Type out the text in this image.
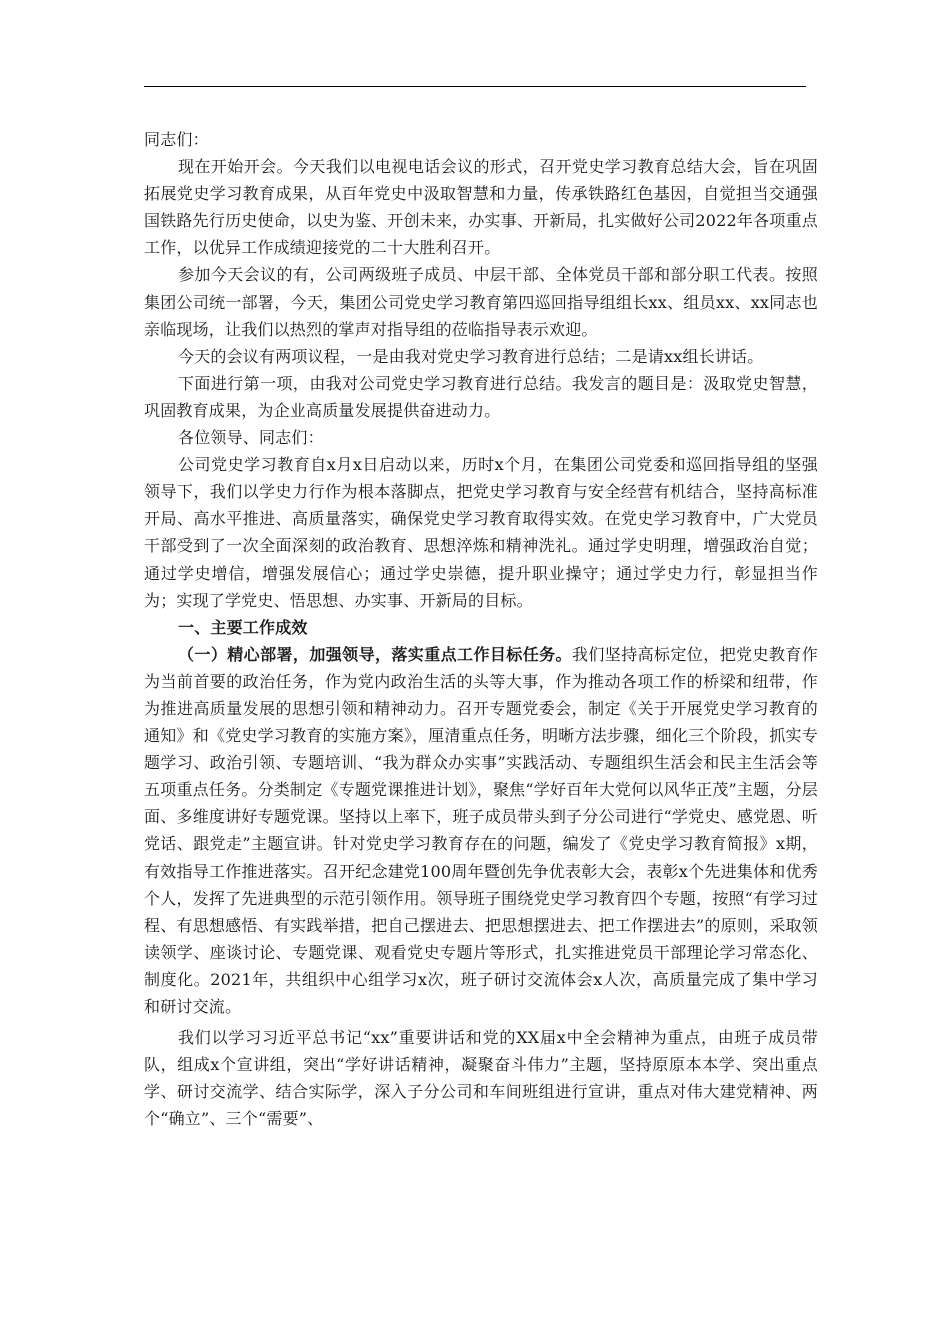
同志们：

现在开始开会。今天我们以电视电话会议的形式，召开党史学习教育总结大会，旨在巩固拓展党史学习教育成果，从百年党史中汲取智慧和力量，传承铁路红色基因，自觉担当交通强国铁路先行历史使命，以史为鉴、开创未来，办实事、开新局，扎实做好公司2022年各项重点工作，以优异工作成绩迎接党的二十大胜利召开。

参加今天会议的有，公司两级班子成员、中层干部、全体党员干部和部分职工代表。按照集团公司统一部署，今天，集团公司党史学习教育第四巡回指导组组长xx、组员xx、xx同志也亲临现场，让我们以热烈的掌声对指导组的莅临指导表示欢迎。

今天的会议有两项议程，一是由我对党史学习教育进行总结；二是请xx组长讲话。

下面进行第一项，由我对公司党史学习教育进行总结。我发言的题目是：汲取党史智慧，巩固教育成果，为企业高质量发展提供奋进动力。

各位领导、同志们：

公司党史学习教育自x月x日启动以来，历时x个月，在集团公司党委和巡回指导组的坚强领导下，我们以学史力行作为根本落脚点，把党史学习教育与安全经营有机结合，坚持高标准开局、高水平推进、高质量落实，确保党史学习教育取得实效。在党史学习教育中，广大党员干部受到了一次全面深刻的政治教育、思想淬炼和精神洗礼。通过学史明理，增强政治自觉；通过学史增信，增强发展信心；通过学史崇德，提升职业操守；通过学史力行，彰显担当作为；实现了学党史、悟思想、办实事、开新局的目标。

一、主要工作成效

（一）精心部署，加强领导，落实重点工作目标任务。我们坚持高标定位，把党史教育作为当前首要的政治任务，作为党内政治生活的头等大事，作为推动各项工作的桥梁和纽带，作为推进高质量发展的思想引领和精神动力。召开专题党委会，制定《关于开展党史学习教育的通知》和《党史学习教育的实施方案》，厘清重点任务，明晰方法步骤，细化三个阶段，抓实专题学习、政治引领、专题培训、“我为群众办实事”实践活动、专题组织生活会和民主生活会等五项重点任务。分类制定《专题党课推进计划》，聚焦“学好百年大党何以风华正茂”主题，分层面、多维度讲好专题党课。坚持以上率下，班子成员带头到子分公司进行“学党史、感党恩、听党话、跟党走”主题宣讲。针对党史学习教育存在的问题，编发了《党史学习教育简报》x期，有效指导工作推进落实。召开纪念建党100周年暨创先争优表彰大会，表彰x个先进集体和优秀个人，发挥了先进典型的示范引领作用。领导班子围绕党史学习教育四个专题，按照“有学习过程、有思想感悟、有实践举措，把自己摆进去、把思想摆进去、把工作摆进去”的原则，采取领读领学、座谈讨论、专题党课、观看党史专题片等形式，扎实推进党员干部理论学习常态化、制度化。2021年，共组织中心组学习x次，班子研讨交流体会x人次，高质量完成了集中学习和研讨交流。

我们以学习习近平总书记“xx”重要讲话和党的XX届x中全会精神为重点，由班子成员带队，组成x个宣讲组，突出“学好讲话精神，凝聚奋斗伟力”主题，坚持原原本本学、突出重点学、研讨交流学、结合实际学，深入子分公司和车间班组进行宣讲，重点对伟大建党精神、两个“确立”、三个“需要”、
